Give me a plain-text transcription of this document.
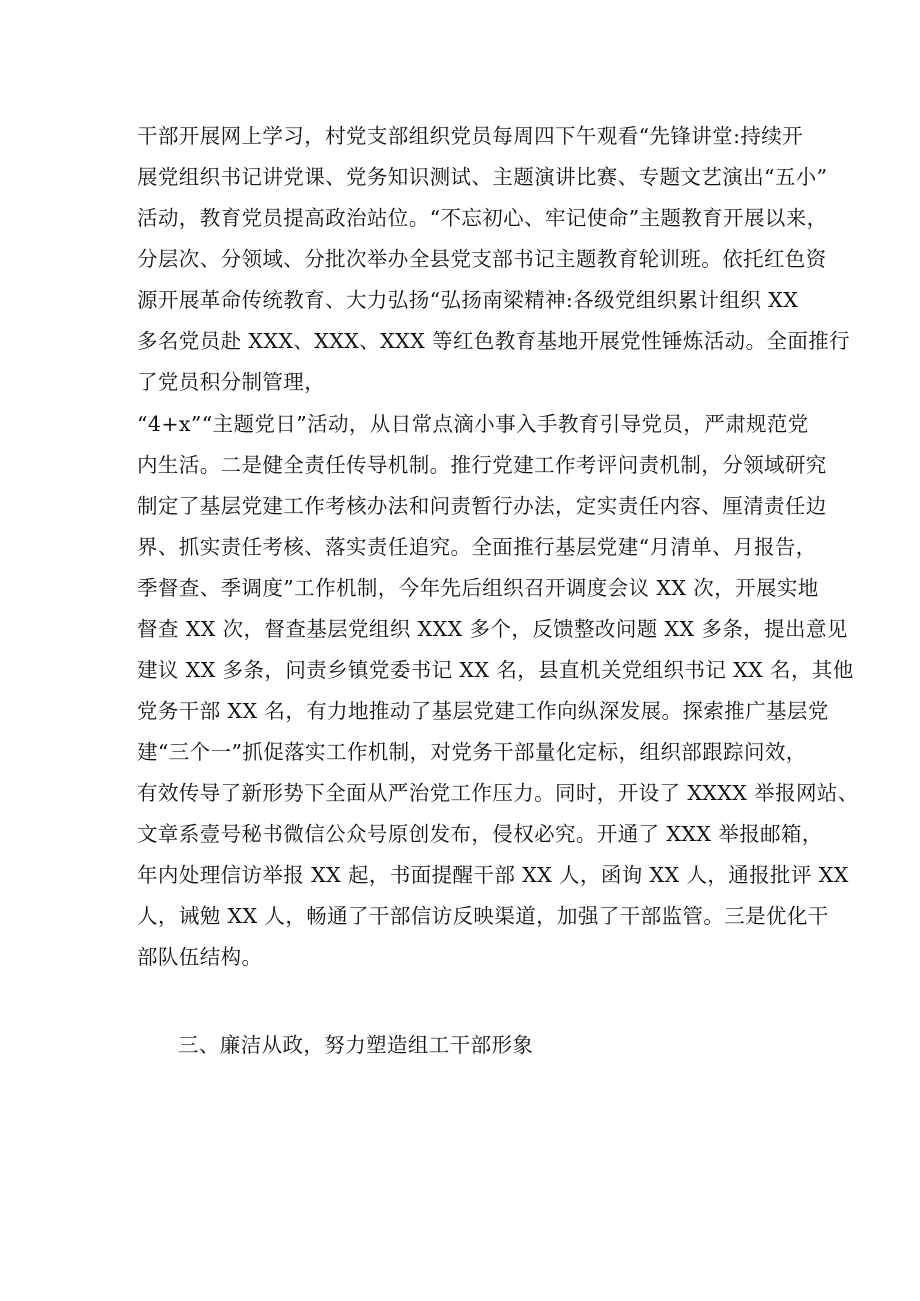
干部开展网上学习，村党支部组织党员每周四下午观看“先锋讲堂:持续开

展党组织书记讲党课、党务知识测试、主题演讲比赛、专题文艺演出“五小”

活动，教育党员提高政治站位。“不忘初心、牢记使命”主题教育开展以来，

分层次、分领域、分批次举办全县党支部书记主题教育轮训班。依托红色资

源开展革命传统教育、大力弘扬“弘扬南梁精神:各级党组织累计组织 XX

多名党员赴 XXX、XXX、XXX 等红色教育基地开展党性锤炼活动。全面推行

了党员积分制管理，

“4+x”“主题党日”活动，从日常点滴小事入手教育引导党员，严肃规范党

内生活。二是健全责任传导机制。推行党建工作考评问责机制，分领域研究

制定了基层党建工作考核办法和问责暂行办法，定实责任内容、厘清责任边

界、抓实责任考核、落实责任追究。全面推行基层党建“月清单、月报告，

季督查、季调度”工作机制，今年先后组织召开调度会议 XX 次，开展实地

督查 XX 次，督查基层党组织 XXX 多个，反馈整改问题 XX 多条，提出意见

建议 XX 多条，问责乡镇党委书记 XX 名，县直机关党组织书记 XX 名，其他

党务干部 XX 名，有力地推动了基层党建工作向纵深发展。探索推广基层党

建“三个一”抓促落实工作机制，对党务干部量化定标，组织部跟踪问效，

有效传导了新形势下全面从严治党工作压力。同时，开设了 XXXX 举报网站、

文章系壹号秘书微信公众号原创发布，侵权必究。开通了 XXX 举报邮箱，

年内处理信访举报 XX 起，书面提醒干部 XX 人，函询 XX 人，通报批评 XX

人，诫勉 XX 人，畅通了干部信访反映渠道，加强了干部监管。三是优化干

部队伍结构。

三、廉洁从政，努力塑造组工干部形象
